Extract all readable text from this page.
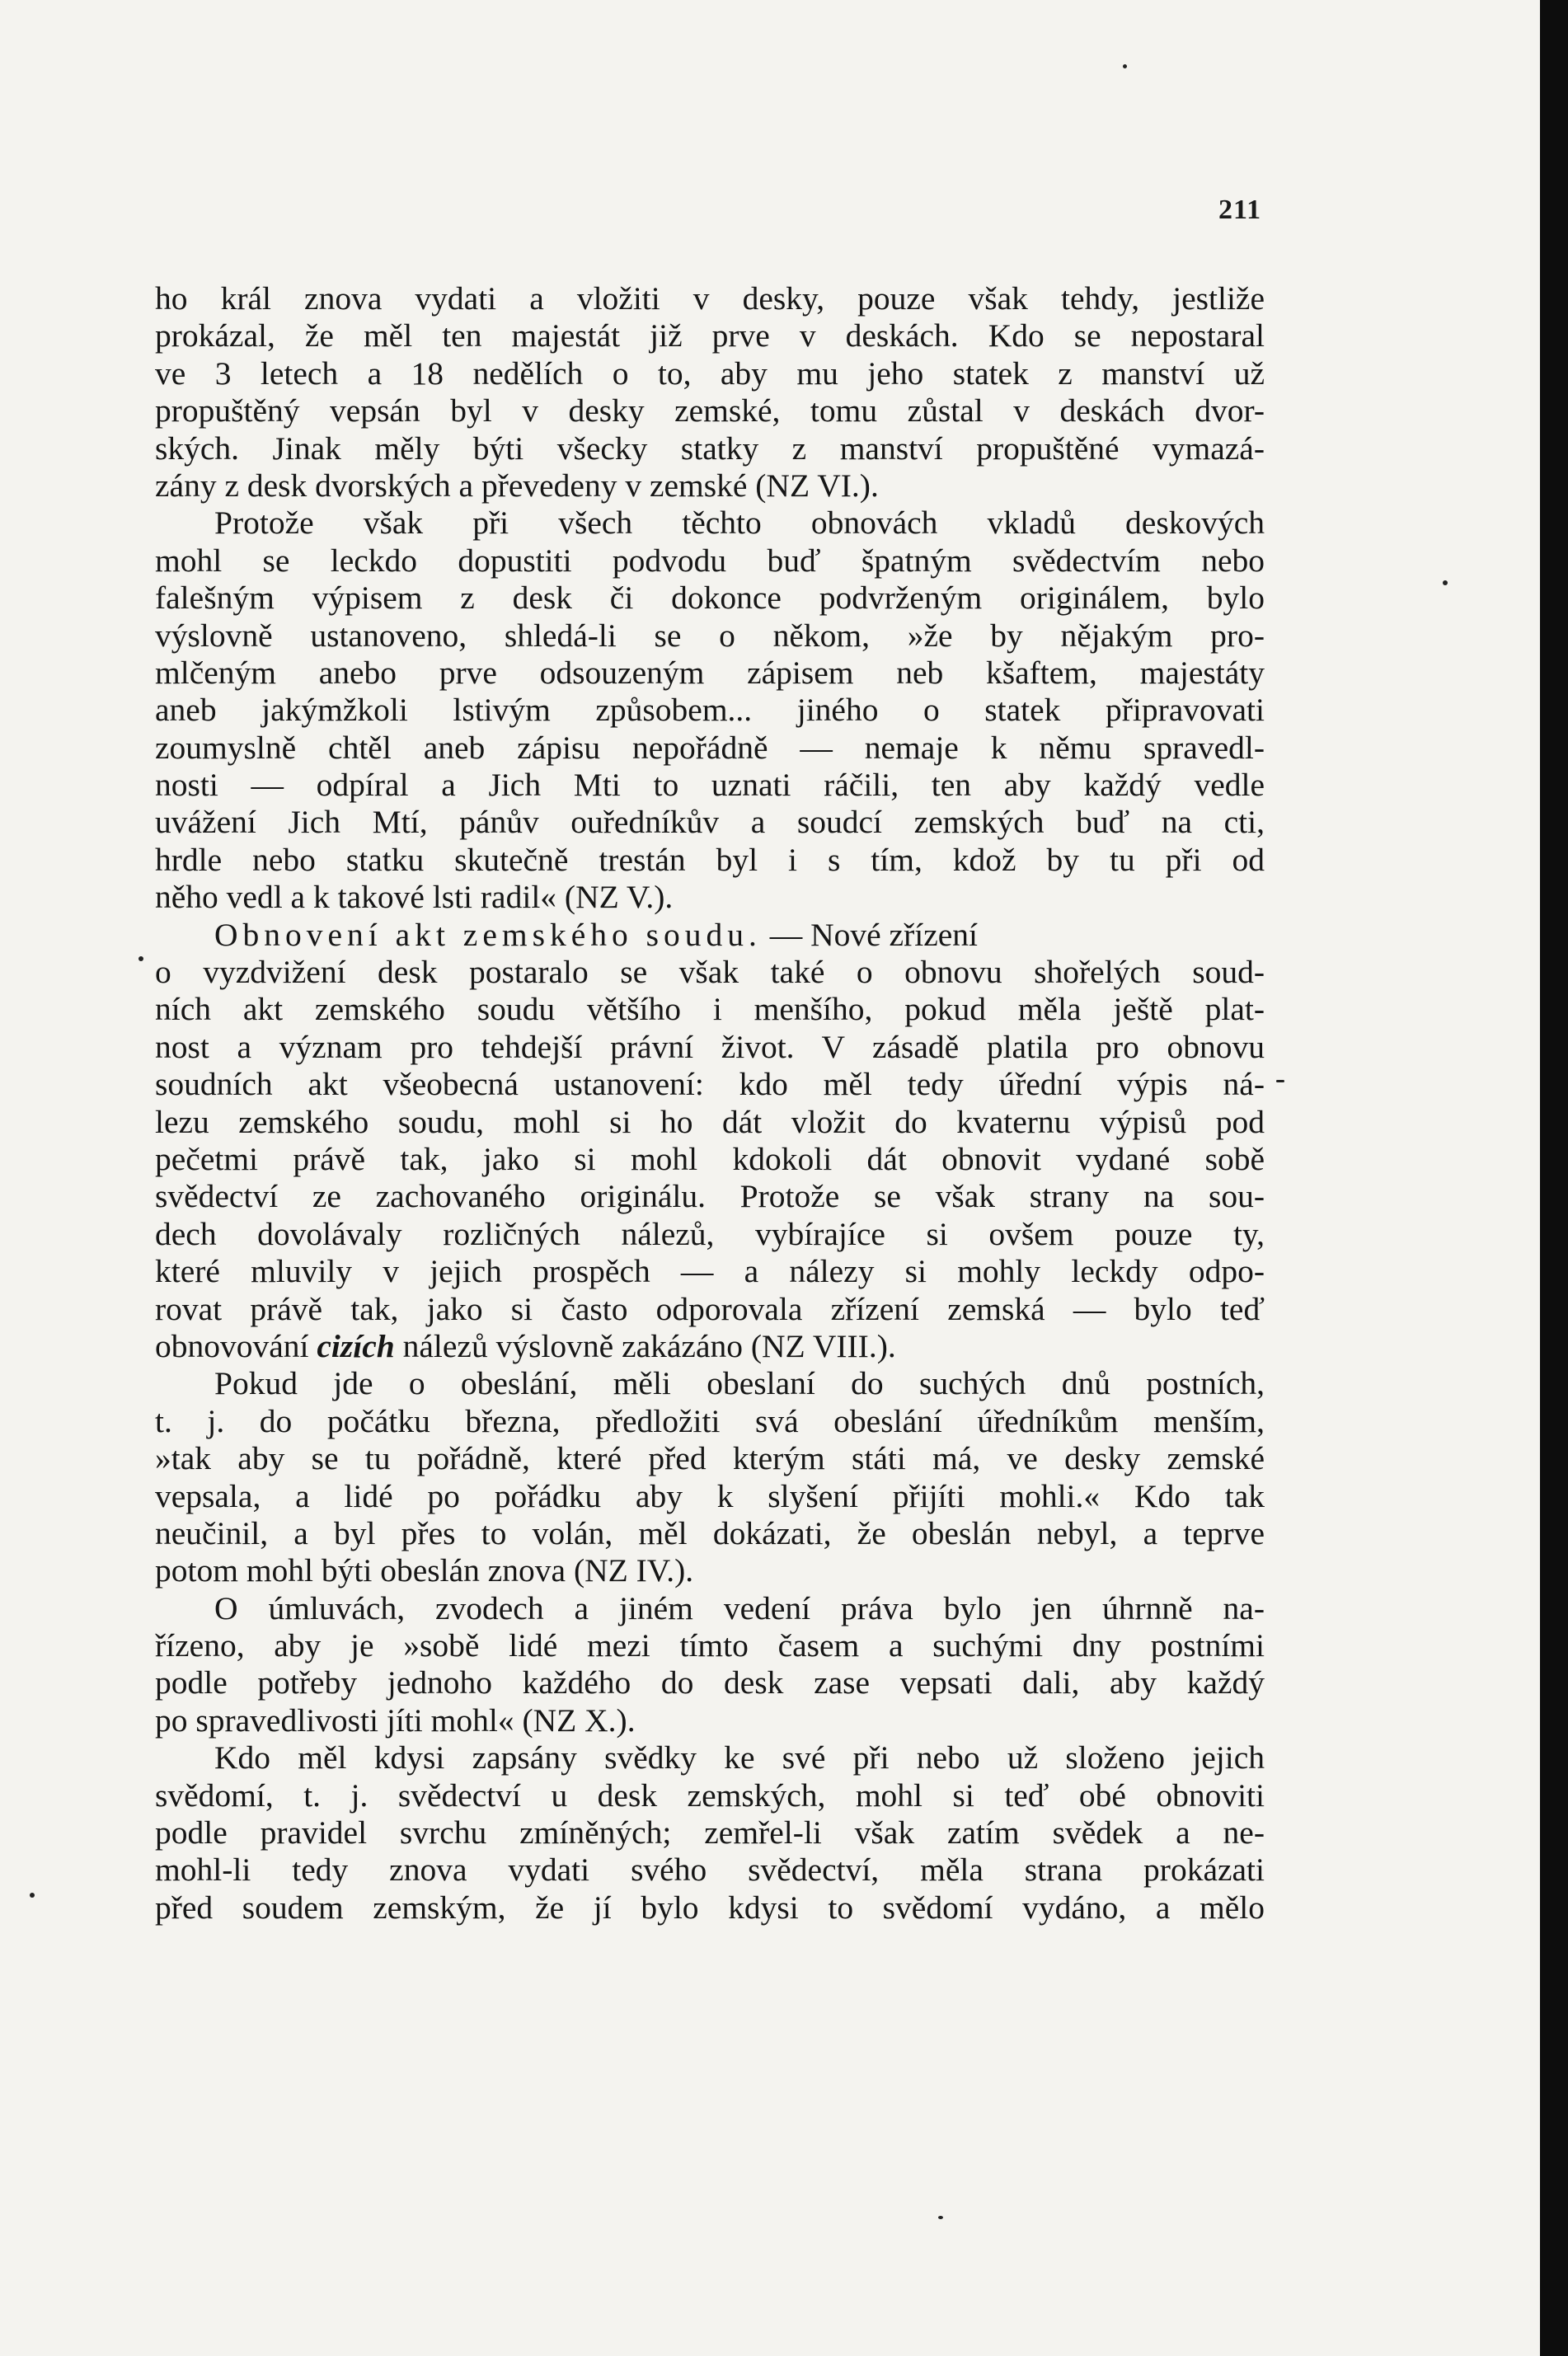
211
ho král znova vydati a vložiti v desky, pouze však tehdy, jestliže
prokázal, že měl ten majestát již prve v deskách. Kdo se nepostaral
ve 3 letech a 18 nedělích o to, aby mu jeho statek z manství už
propuštěný vepsán byl v desky zemské, tomu zůstal v deskách dvor-
ských. Jinak měly býti všecky statky z manství propuštěné vymazá-
zány z desk dvorských a převedeny v zemské (NZ VI.).
Protože však při všech těchto obnovách vkladů deskových
mohl se leckdo dopustiti podvodu buď špatným svědectvím nebo
falešným výpisem z desk či dokonce podvrženým originálem, bylo
výslovně ustanoveno, shledá-li se o někom, »že by nějakým pro-
mlčeným anebo prve odsouzeným zápisem neb kšaftem, majestáty
aneb jakýmžkoli lstivým způsobem... jiného o statek připravovati
zoumyslně chtěl aneb zápisu nepořádně — nemaje k němu spravedl-
nosti — odpíral a Jich Mti to uznati ráčili, ten aby každý vedle
uvážení Jich Mtí, pánův ouředníkův a soudcí zemských buď na cti,
hrdle nebo statku skutečně trestán byl i s tím, kdož by tu při od
něho vedl a k takové lsti radil« (NZ V.).
Obnovení akt zemského soudu. — Nové zřízení
o vyzdvižení desk postaralo se však také o obnovu shořelých soud-
ních akt zemského soudu většího i menšího, pokud měla ještě plat-
nost a význam pro tehdejší právní život. V zásadě platila pro obnovu
soudních akt všeobecná ustanovení: kdo měl tedy úřední výpis ná-
lezu zemského soudu, mohl si ho dát vložit do kvaternu výpisů pod
pečetmi právě tak, jako si mohl kdokoli dát obnovit vydané sobě
svědectví ze zachovaného originálu. Protože se však strany na sou-
dech dovolávaly rozličných nálezů, vybírajíce si ovšem pouze ty,
které mluvily v jejich prospěch — a nálezy si mohly leckdy odpo-
rovat právě tak, jako si často odporovala zřízení zemská — bylo teď
obnovování cizích nálezů výslovně zakázáno (NZ VIII.).
Pokud jde o obeslání, měli obeslaní do suchých dnů postních,
t. j. do počátku března, předložiti svá obeslání úředníkům menším,
»tak aby se tu pořádně, které před kterým státi má, ve desky zemské
vepsala, a lidé po pořádku aby k slyšení přijíti mohli.« Kdo tak
neučinil, a byl přes to volán, měl dokázati, že obeslán nebyl, a teprve
potom mohl býti obeslán znova (NZ IV.).
O úmluvách, zvodech a jiném vedení práva bylo jen úhrnně na-
řízeno, aby je »sobě lidé mezi tímto časem a suchými dny postními
podle potřeby jednoho každého do desk zase vepsati dali, aby každý
po spravedlivosti jíti mohl« (NZ X.).
Kdo měl kdysi zapsány svědky ke své při nebo už složeno jejich
svědomí, t. j. svědectví u desk zemských, mohl si teď obé obnoviti
podle pravidel svrchu zmíněných; zemřel-li však zatím svědek a ne-
mohl-li tedy znova vydati svého svědectví, měla strana prokázati
před soudem zemským, že jí bylo kdysi to svědomí vydáno, a mělo
